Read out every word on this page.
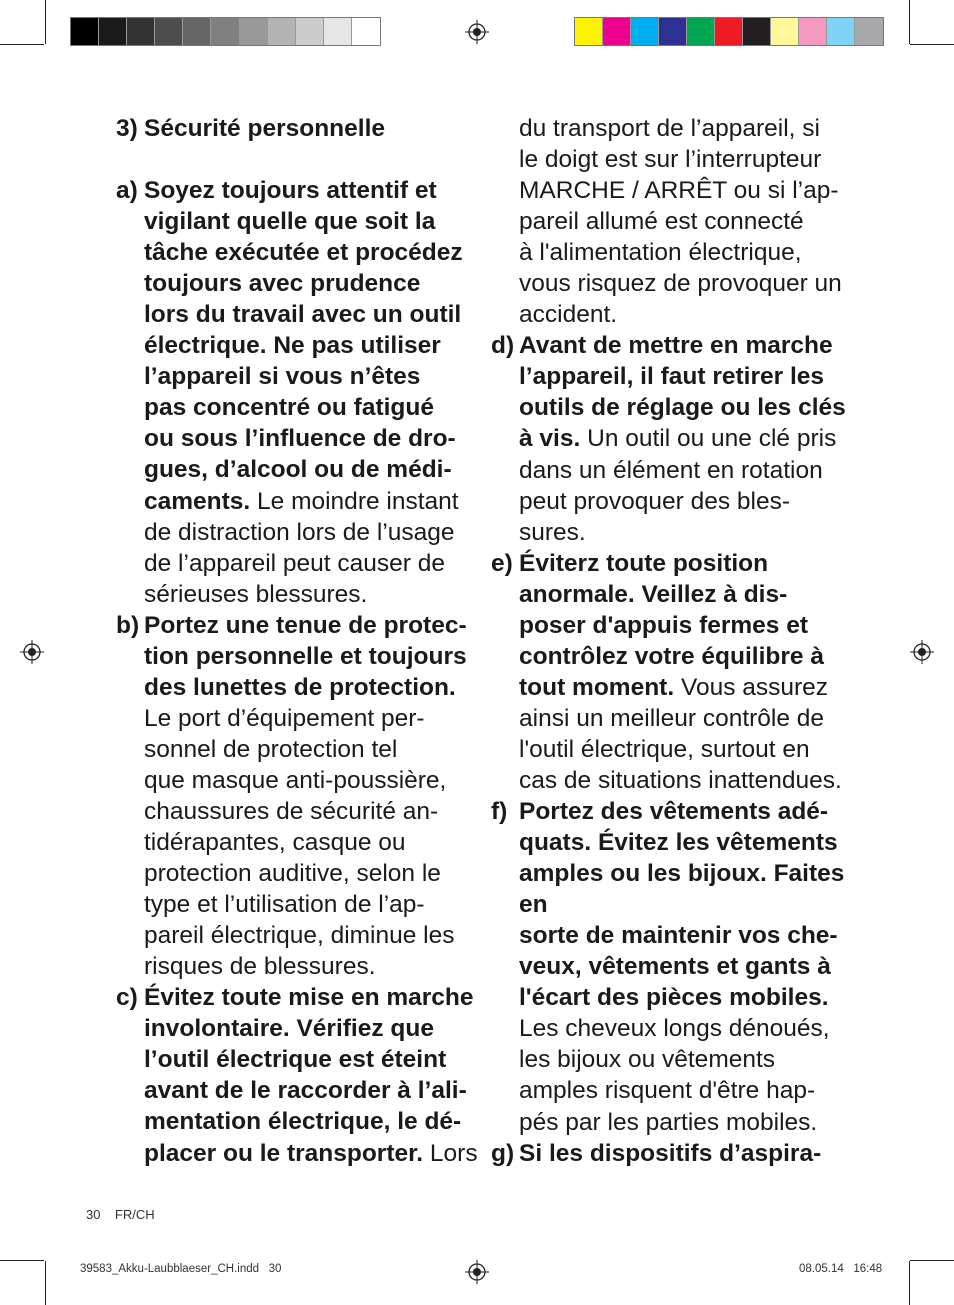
3) Sécurité personnelle
a) Soyez toujours attentif et
vigilant quelle que soit la
tâche exécutée et procédez
toujours avec prudence
lors du travail avec un outil
électrique. Ne pas utiliser
l’appareil si vous n’êtes
pas concentré ou fatigué
ou sous l’influence de dro-
gues, d’alcool ou de médi-
caments. Le moindre instant
de distraction lors de l’usage
de l’appareil peut causer de
sérieuses blessures.
b) Portez une tenue de protec-
tion personnelle et toujours
des lunettes de protection.
Le port d’équipement per-
sonnel de protection tel
que masque anti-poussière,
chaussures de sécurité an-
tidérapantes, casque ou
protection auditive, selon le
type et l’utilisation de l’ap-
pareil électrique, diminue les
risques de blessures.
c) Évitez toute mise en marche
involontaire. Vérifiez que
l’outil électrique est éteint
avant de le raccorder à l’ali-
mentation électrique, le dé-
placer ou le transporter. Lors
du transport de l’appareil, si
le doigt est sur l’interrupteur
MARCHE / ARRÊT ou si l’ap-
pareil allumé est connecté
à l'alimentation électrique,
vous risquez de provoquer un
accident.
d) Avant de mettre en marche
l’appareil, il faut retirer les
outils de réglage ou les clés
à vis. Un outil ou une clé pris
dans un élément en rotation
peut provoquer des bles-
sures.
e) Éviterz toute position
anormale. Veillez à dis-
poser d'appuis fermes et
contrôlez votre équilibre à
tout moment. Vous assurez
ainsi un meilleur contrôle de
l'outil électrique, surtout en
cas de situations inattendues.
f) Portez des vêtements adé-
quats. Évitez les vêtements
amples ou les bijoux. Faites
en
sorte de maintenir vos che-
veux, vêtements et gants à
l'écart des pièces mobiles.
Les cheveux longs dénoués,
les bijoux ou vêtements
amples risquent d'être hap-
pés par les parties mobiles.
g) Si les dispositifs d’aspira-
30 FR/CH
39583_Akku-Laubblaeser_CH.indd   30	08.05.14 16:48
